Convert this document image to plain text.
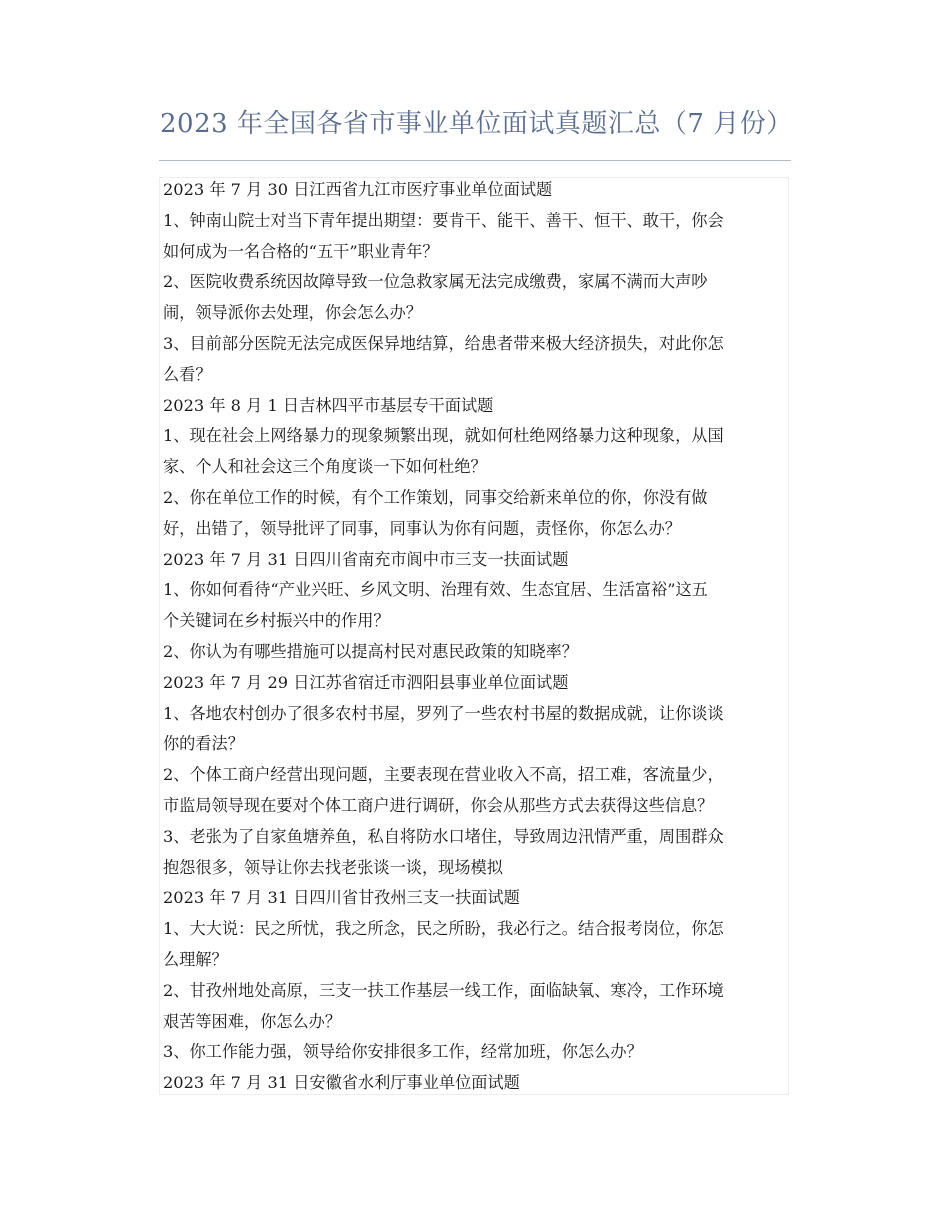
2023 年全国各省市事业单位面试真题汇总（7 月份）
2023 年 7 月 30 日江西省九江市医疗事业单位面试题
1、钟南山院士对当下青年提出期望：要肯干、能干、善干、恒干、敢干，你会
如何成为一名合格的“五干”职业青年？
2、医院收费系统因故障导致一位急救家属无法完成缴费，家属不满而大声吵
闹，领导派你去处理，你会怎么办？
3、目前部分医院无法完成医保异地结算，给患者带来极大经济损失，对此你怎
么看？
2023 年 8 月 1 日吉林四平市基层专干面试题
1、现在社会上网络暴力的现象频繁出现，就如何杜绝网络暴力这种现象，从国
家、个人和社会这三个角度谈一下如何杜绝？
2、你在单位工作的时候，有个工作策划，同事交给新来单位的你，你没有做
好，出错了，领导批评了同事，同事认为你有问题，责怪你，你怎么办？
2023 年 7 月 31 日四川省南充市阆中市三支一扶面试题
1、你如何看待“产业兴旺、乡风文明、治理有效、生态宜居、生活富裕”这五
个关键词在乡村振兴中的作用？
2、你认为有哪些措施可以提高村民对惠民政策的知晓率？
2023 年 7 月 29 日江苏省宿迁市泗阳县事业单位面试题
1、各地农村创办了很多农村书屋，罗列了一些农村书屋的数据成就，让你谈谈
你的看法？
2、个体工商户经营出现问题，主要表现在营业收入不高，招工难，客流量少，
市监局领导现在要对个体工商户进行调研，你会从那些方式去获得这些信息？
3、老张为了自家鱼塘养鱼，私自将防水口堵住，导致周边汛情严重，周围群众
抱怨很多，领导让你去找老张谈一谈，现场模拟
2023 年 7 月 31 日四川省甘孜州三支一扶面试题
1、大大说：民之所忧，我之所念，民之所盼，我必行之。结合报考岗位，你怎
么理解？
2、甘孜州地处高原，三支一扶工作基层一线工作，面临缺氧、寒冷，工作环境
艰苦等困难，你怎么办？
3、你工作能力强，领导给你安排很多工作，经常加班，你怎么办？
2023 年 7 月 31 日安徽省水利厅事业单位面试题
